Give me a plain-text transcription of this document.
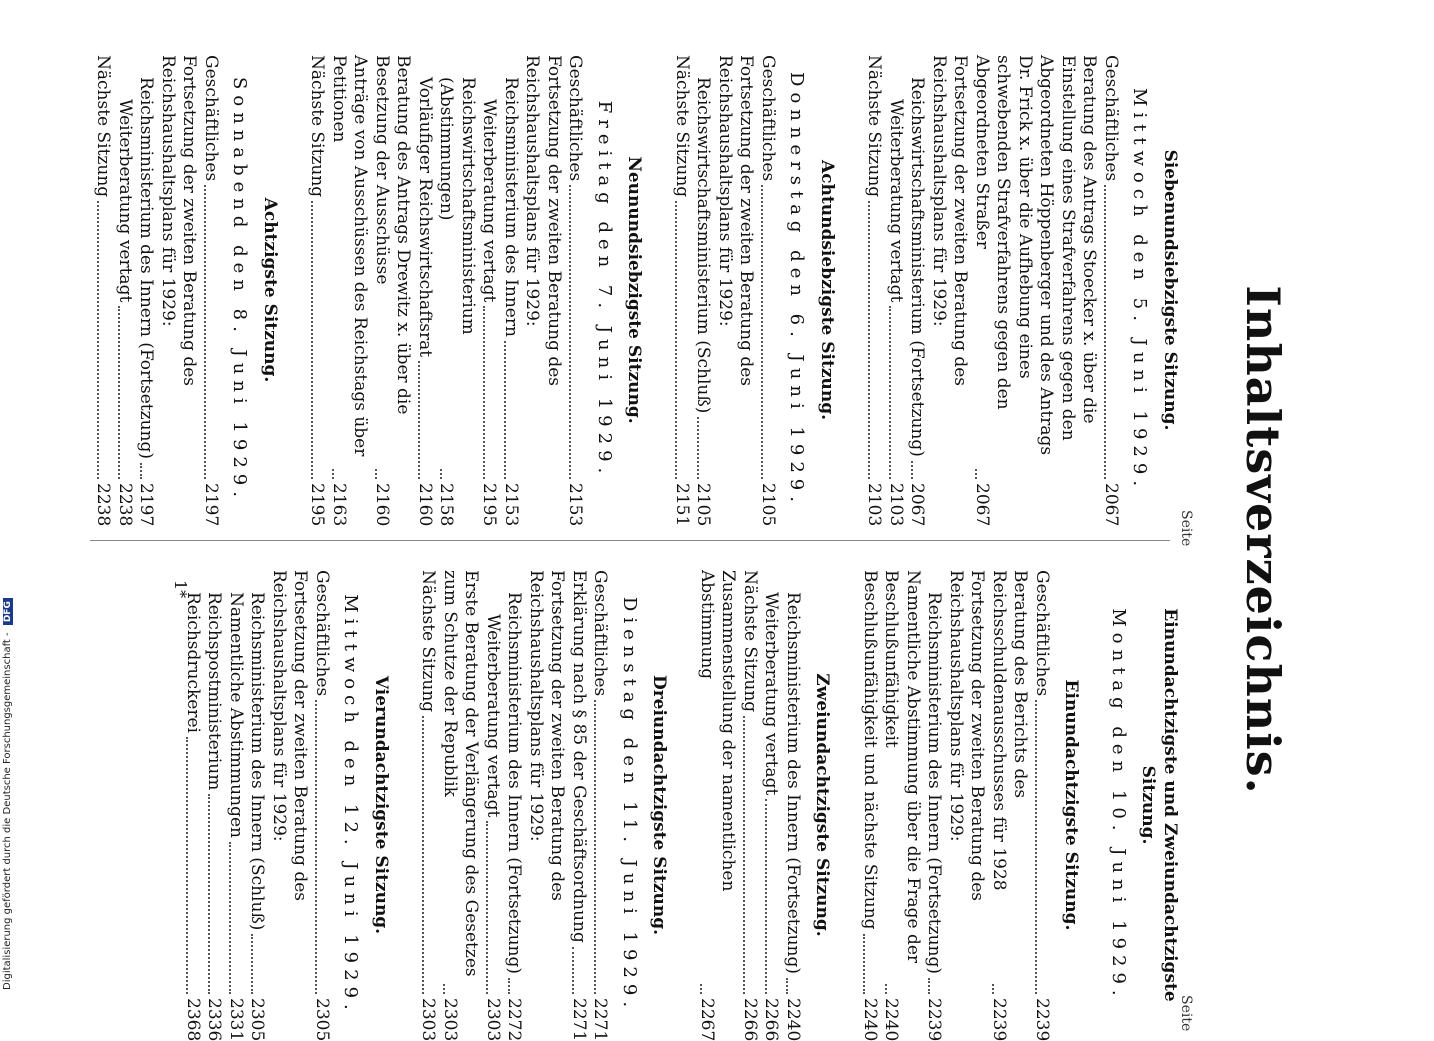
Inhaltsverzeichnis.
Seite
Seite
Siebenundsiebzigste Sitzung.
Mittwoch den 5. Juni 1929.
Geschäftliches
2067
Beratung des Antrags Stoecker x. über die Einstellung eines Strafverfahrens gegen den Abgeordneten Höppenberger und des Antrags Dr. Frick x. über die Aufhebung eines schwebenden Strafverfahrens gegen den Abgeordneten Straßer
2067
Fortsetzung der zweiten Beratung des Reichshaushaltsplans für 1929:
Reichswirtschaftsministerium (Fortsetzung)
2067
Weiterberatung vertagt
2103
Nächste Sitzung
2103
Achtundsiebzigste Sitzung.
Donnerstag den 6. Juni 1929.
Geschäftliches
2105
Fortsetzung der zweiten Beratung des Reichshaushaltsplans für 1929:
Reichswirtschaftsministerium (Schluß)
2105
Nächste Sitzung
2151
Neunundsiebzigste Sitzung.
Freitag den 7. Juni 1929.
Geschäftliches
2153
Fortsetzung der zweiten Beratung des Reichshaushaltsplans für 1929:
Reichsministerium des Innern
2153
Weiterberatung vertagt
2195
Reichswirtschaftsministerium (Abstimmungen)
2158
Vorläufiger Reichswirtschaftsrat
2160
Beratung des Antrags Drewitz x. über die Besetzung der Ausschüsse
2160
Anträge von Ausschüssen des Reichstags über Petitionen
2163
Nächste Sitzung
2195
Achtzigste Sitzung.
Sonnabend den 8. Juni 1929.
Geschäftliches
2197
Fortsetzung der zweiten Beratung des Reichshaushaltsplans für 1929:
Reichsministerium des Innern (Fortsetzung)
2197
Weiterberatung vertagt
2238
Nächste Sitzung
2238
Einundachtzigste und Zweiundachtzigste Sitzung.
Montag den 10. Juni 1929.
Einundachtzigste Sitzung.
Geschäftliches
2239
Beratung des Berichts des Reichsschuldenausschusses für 1928
2239
Fortsetzung der zweiten Beratung des Reichshaushaltsplans für 1929:
Reichsministerium des Innern (Fortsetzung)
2239
Namentliche Abstimmung über die Frage der Beschlußunfähigkeit
2240
Beschlußunfähigkeit und nächste Sitzung
2240
Zweiundachtzigste Sitzung.
Reichsministerium des Innern (Fortsetzung)
2240
Weiterberatung vertagt
2266
Nächste Sitzung
2266
Zusammenstellung der namentlichen Abstimmung
2267
Dreiundachtzigste Sitzung.
Dienstag den 11. Juni 1929.
Geschäftliches
2271
Erklärung nach § 85 der Geschäftsordnung
2271
Fortsetzung der zweiten Beratung des Reichshaushaltsplans für 1929:
Reichsministerium des Innern (Fortsetzung)
2272
Weiterberatung vertagt
2303
Erste Beratung der Verlängerung des Gesetzes zum Schutze der Republik
2303
Nächste Sitzung
2303
Vierundachtzigste Sitzung.
Mittwoch den 12. Juni 1929.
Geschäftliches
2305
Fortsetzung der zweiten Beratung des Reichshaushaltsplans für 1929:
Reichsministerium des Innern (Schluß)
2305
Namentliche Abstimmungen
2331
Reichspostministerium
2336
Reichsdruckerei
2368
1*
Digitalisierung gefördert durch die Deutsche Forschungsgemeinschaft - DFG
